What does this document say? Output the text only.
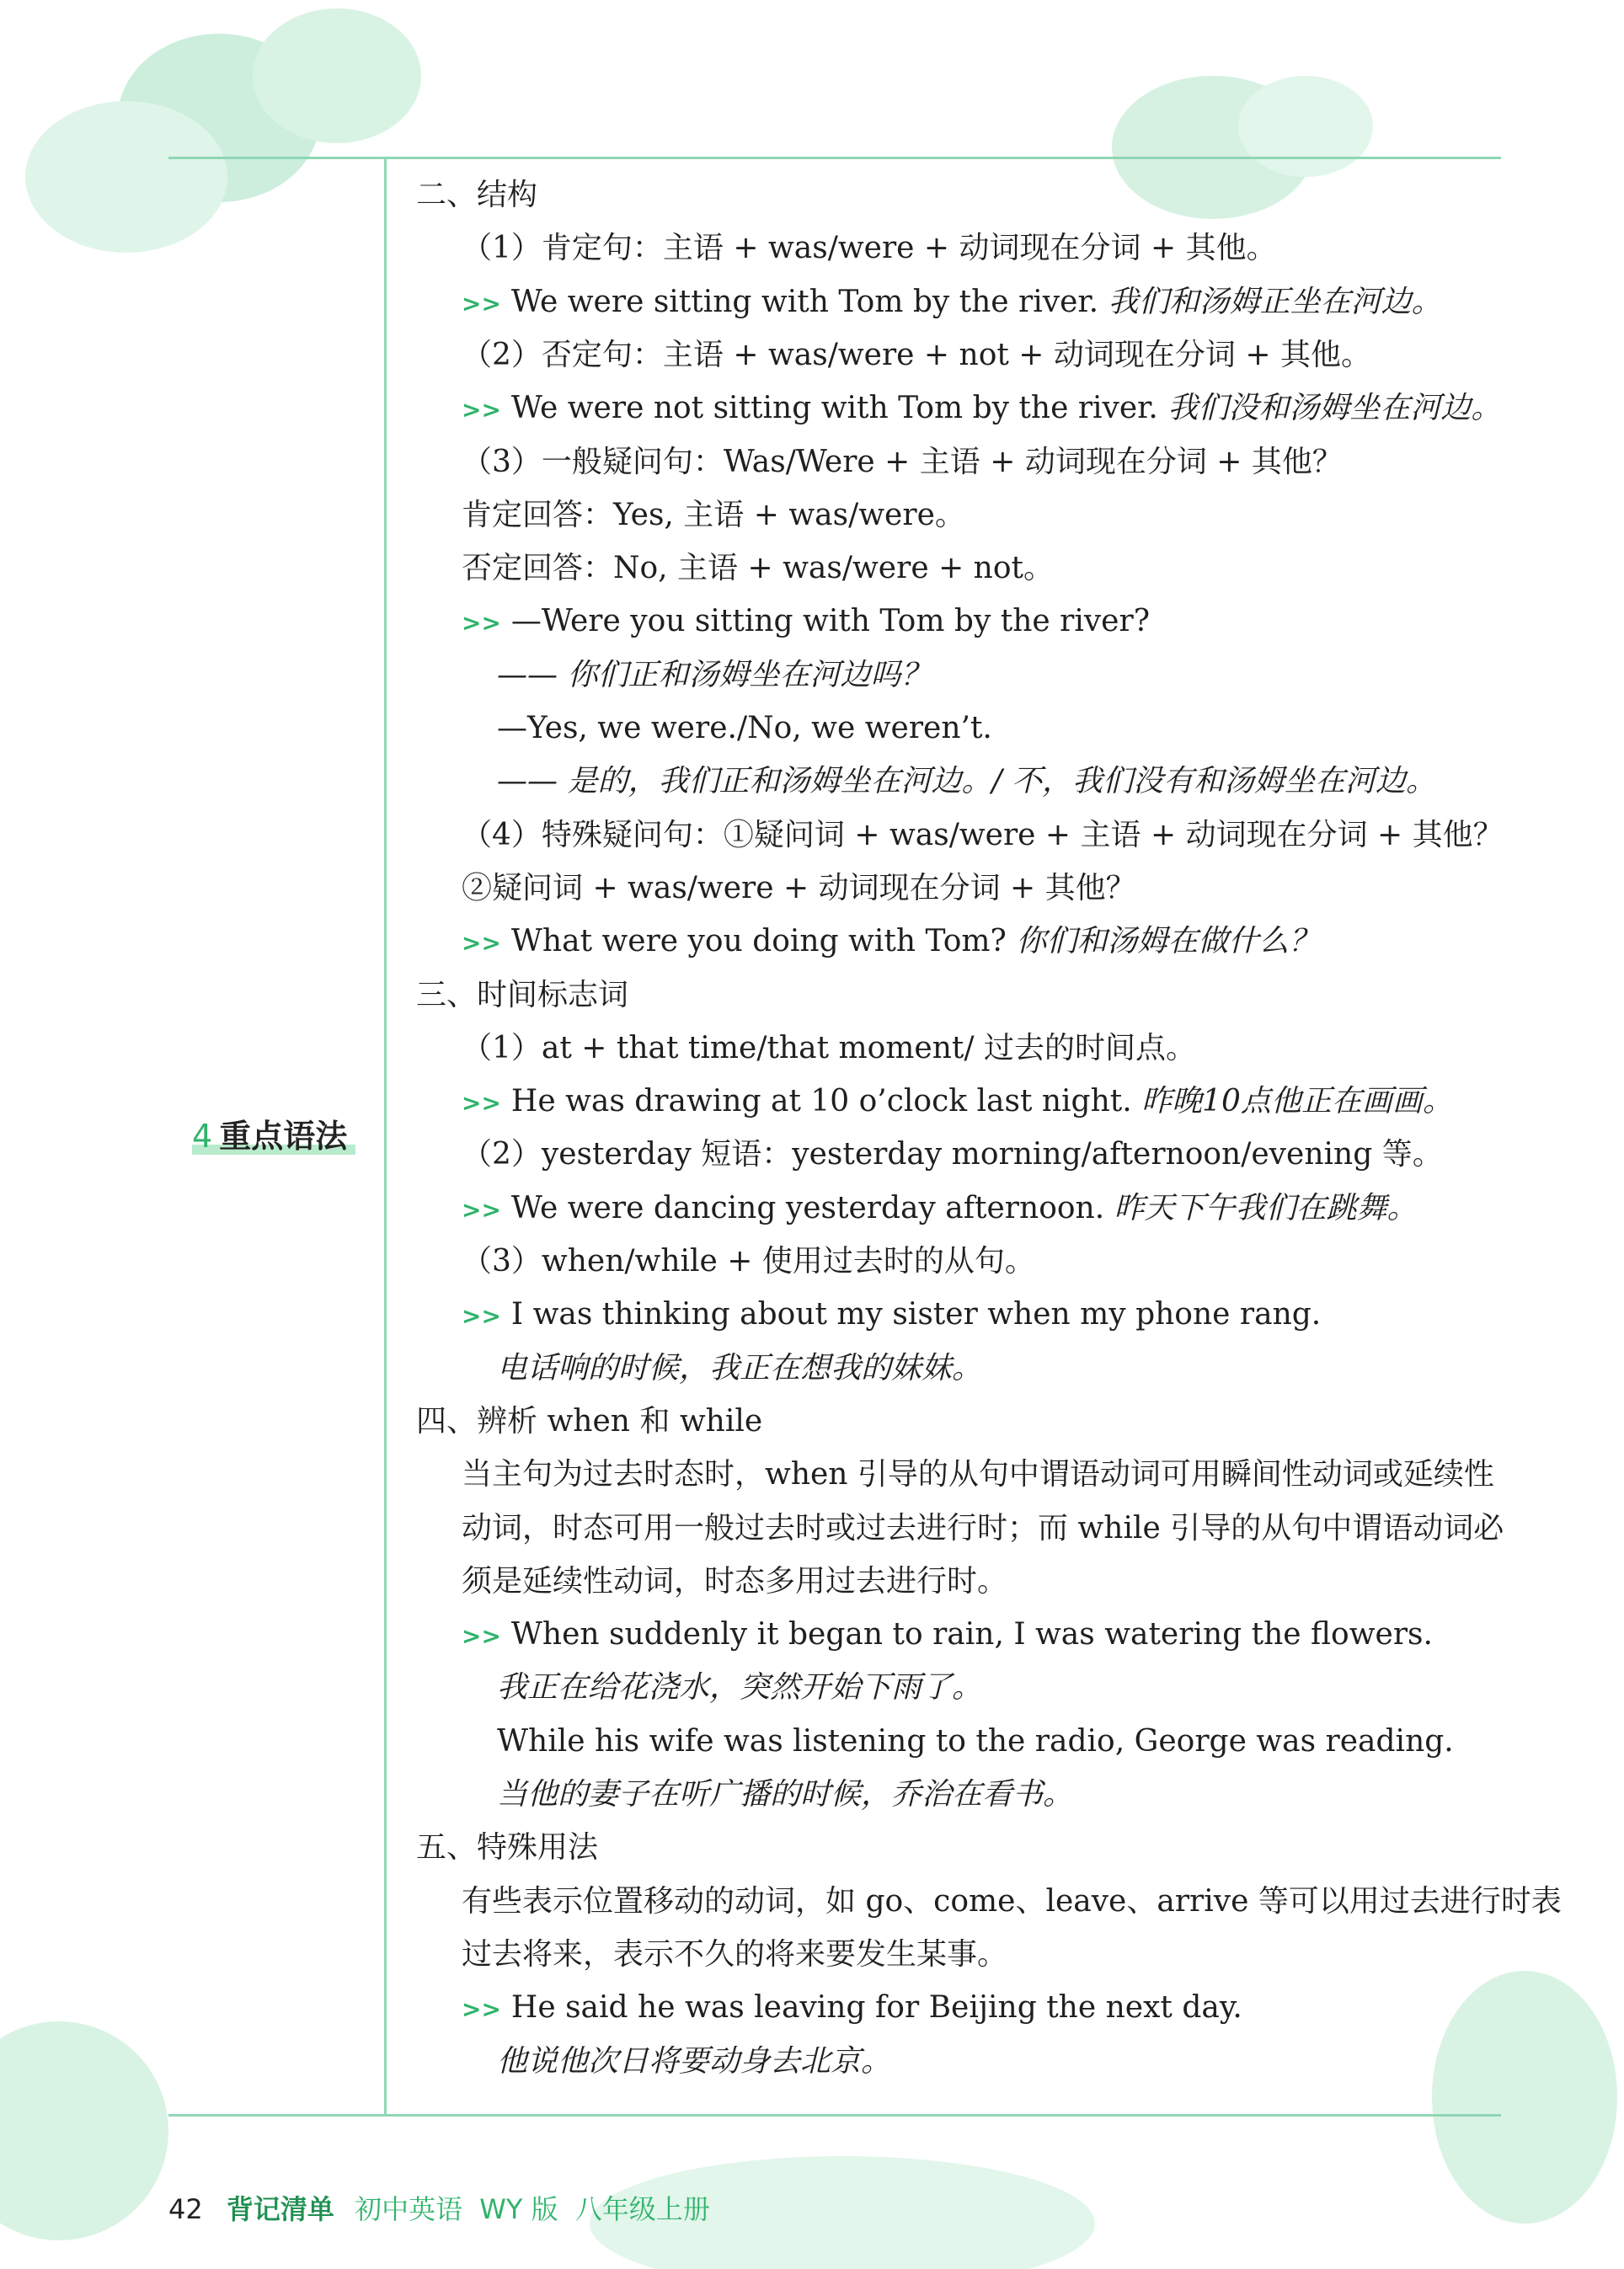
4 重点语法
二、结构
（1）肯定句：主语 + was/were + 动词现在分词 + 其他。
>> We were sitting with Tom by the river. 我们和汤姆正坐在河边。
（2）否定句：主语 + was/were + not + 动词现在分词 + 其他。
>> We were not sitting with Tom by the river. 我们没和汤姆坐在河边。
（3）一般疑问句：Was/Were + 主语 + 动词现在分词 + 其他？
肯定回答：Yes, 主语 + was/were。
否定回答：No, 主语 + was/were + not。
>> —Were you sitting with Tom by the river?
—— 你们正和汤姆坐在河边吗？
—Yes, we were./No, we weren’t.
—— 是的，我们正和汤姆坐在河边。/ 不，我们没有和汤姆坐在河边。
（4）特殊疑问句：①疑问词 + was/were + 主语 + 动词现在分词 + 其他？
②疑问词 + was/were + 动词现在分词 + 其他？
>> What were you doing with Tom? 你们和汤姆在做什么？
三、时间标志词
（1）at + that time/that moment/ 过去的时间点。
>> He was drawing at 10 o’clock last night. 昨晚10点他正在画画。
（2）yesterday 短语：yesterday morning/afternoon/evening 等。
>> We were dancing yesterday afternoon. 昨天下午我们在跳舞。
（3）when/while + 使用过去时的从句。
>> I was thinking about my sister when my phone rang.
电话响的时候，我正在想我的妹妹。
四、辨析 when 和 while
当主句为过去时态时，when 引导的从句中谓语动词可用瞬间性动词或延续性
动词，时态可用一般过去时或过去进行时；而 while 引导的从句中谓语动词必
须是延续性动词，时态多用过去进行时。
>> When suddenly it began to rain, I was watering the flowers.
我正在给花浇水，突然开始下雨了。
While his wife was listening to the radio, George was reading.
当他的妻子在听广播的时候，乔治在看书。
五、特殊用法
有些表示位置移动的动词，如 go、come、leave、arrive 等可以用过去进行时表
过去将来，表示不久的将来要发生某事。
>> He said he was leaving for Beijing the next day.
他说他次日将要动身去北京。
42 背记清单 初中英语 WY 版 八年级上册
